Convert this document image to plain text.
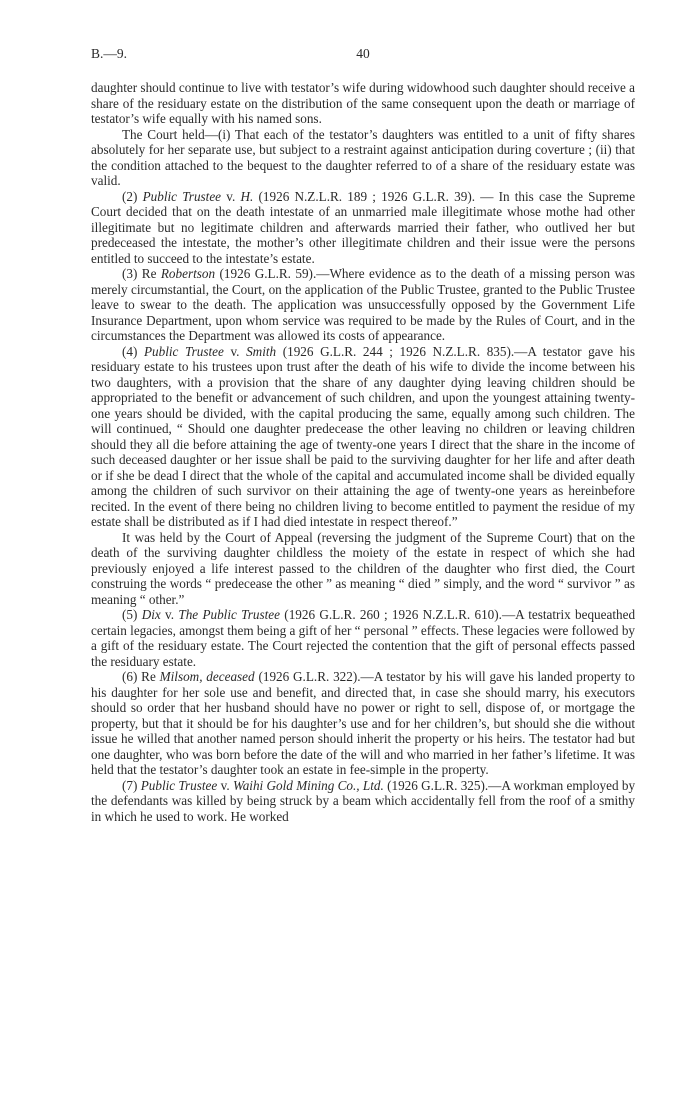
B.—9.	40

daughter should continue to live with testator’s wife during widowhood such daughter should receive a share of the residuary estate on the distribution of the same consequent upon the death or marriage of testator’s wife equally with his named sons.

The Court held—(i) That each of the testator’s daughters was entitled to a unit of fifty shares absolutely for her separate use, but subject to a restraint against anticipation during coverture ; (ii) that the condition attached to the bequest to the daughter referred to of a share of the residuary estate was valid.

(2) Public Trustee v. H. (1926 N.Z.L.R. 189 ; 1926 G.L.R. 39). — In this case the Supreme Court decided that on the death intestate of an unmarried male illegitimate whose mothe had other illegitimate but no legitimate children and afterwards married their father, who outlived her but predeceased the intestate, the mother’s other illegitimate children and their issue were the persons entitled to succeed to the intestate’s estate.

(3) Re Robertson (1926 G.L.R. 59).—Where evidence as to the death of a missing person was merely circumstantial, the Court, on the application of the Public Trustee, granted to the Public Trustee leave to swear to the death. The application was unsuccessfully opposed by the Government Life Insurance Department, upon whom service was required to be made by the Rules of Court, and in the circumstances the Department was allowed its costs of appearance.

(4) Public Trustee v. Smith (1926 G.L.R. 244 ; 1926 N.Z.L.R. 835).—A testator gave his residuary estate to his trustees upon trust after the death of his wife to divide the income between his two daughters, with a provision that the share of any daughter dying leaving children should be appropriated to the benefit or advancement of such children, and upon the youngest attaining twenty-one years should be divided, with the capital producing the same, equally among such children. The will continued, “ Should one daughter predecease the other leaving no children or leaving children should they all die before attaining the age of twenty-one years I direct that the share in the income of such deceased daughter or her issue shall be paid to the surviving daughter for her life and after death or if she be dead I direct that the whole of the capital and accumulated income shall be divided equally among the children of such survivor on their attaining the age of twenty-one years as hereinbefore recited. In the event of there being no children living to become entitled to payment the residue of my estate shall be distributed as if I had died intestate in respect thereof.”

It was held by the Court of Appeal (reversing the judgment of the Supreme Court) that on the death of the surviving daughter childless the moiety of the estate in respect of which she had previously enjoyed a life interest passed to the children of the daughter who first died, the Court construing the words “ predecease the other ” as meaning “ died ” simply, and the word “ survivor ” as meaning “ other.”

(5) Dix v. The Public Trustee (1926 G.L.R. 260 ; 1926 N.Z.L.R. 610).—A testatrix bequeathed certain legacies, amongst them being a gift of her “ personal ” effects. These legacies were followed by a gift of the residuary estate. The Court rejected the contention that the gift of personal effects passed the residuary estate.

(6) Re Milsom, deceased (1926 G.L.R. 322).—A testator by his will gave his landed property to his daughter for her sole use and benefit, and directed that, in case she should marry, his executors should so order that her husband should have no power or right to sell, dispose of, or mortgage the property, but that it should be for his daughter’s use and for her children’s, but should she die without issue he willed that another named person should inherit the property or his heirs. The testator had but one daughter, who was born before the date of the will and who married in her father’s lifetime. It was held that the testator’s daughter took an estate in fee-simple in the property.

(7) Public Trustee v. Waihi Gold Mining Co., Ltd. (1926 G.L.R. 325).—A workman employed by the defendants was killed by being struck by a beam which accidentally fell from the roof of a smithy in which he used to work. He worked
